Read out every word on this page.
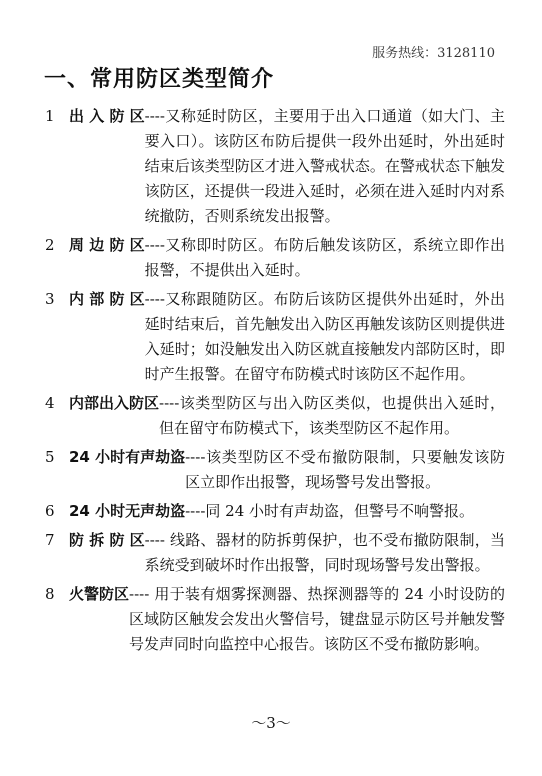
服务热线：3128110
一、常用防区类型简介
1 出 入 防 区 ----又称延时防区，主要用于出入口通道（如大门、主要入口）。该防区布防后提供一段外出延时，外出延时结束后该类型防区才进入警戒状态。在警戒状态下触发该防区，还提供一段进入延时，必须在进入延时内对系统撤防，否则系统发出报警。
2 周 边 防 区 ----又称即时防区。布防后触发该防区，系统立即作出报警，不提供出入延时。
3 内 部 防 区 ----又称跟随防区。布防后该防区提供外出延时，外出延时结束后，首先触发出入防区再触发该防区则提供进入延时；如没触发出入防区就直接触发内部防区时，即时产生报警。在留守布防模式时该防区不起作用。
4 内部出入防区 ----该类型防区与出入防区类似，也提供出入延时，但在留守布防模式下，该类型防区不起作用。
5 24 小时有声劫盗 ----该类型防区不受布撤防限制，只要触发该防区立即作出报警，现场警号发出警报。
6 24 小时无声劫盗 ----同 24 小时有声劫盗，但警号不响警报。
7 防 拆 防 区 ---- 线路、器材的防拆剪保护，也不受布撤防限制，当系统受到破坏时作出报警，同时现场警号发出警报。
8 火警防区 ---- 用于装有烟雾探测器、热探测器等的 24 小时设防的区域防区触发会发出火警信号，键盘显示防区号并触发警号发声同时向监控中心报告。该防区不受布撤防影响。
～3～
